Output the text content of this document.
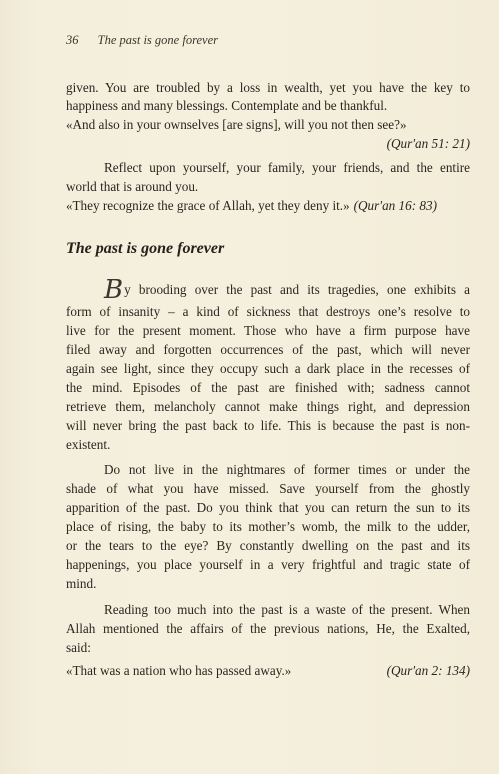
36 The past is gone forever
given. You are troubled by a loss in wealth, yet you have the key to
happiness and many blessings. Contemplate and be thankful.
«And also in your ownselves [are signs], will you not then see?»
(Qur'an 51: 21)
Reflect upon yourself, your family, your friends, and the entire
world that is around you.
«They recognize the grace of Allah, yet they deny it.» (Qur'an 16: 83)
The past is gone forever
By brooding over the past and its tragedies, one exhibits a
form of insanity – a kind of sickness that destroys one’s resolve to
live for the present moment. Those who have a firm purpose have
filed away and forgotten occurrences of the past, which will never
again see light, since they occupy such a dark place in the recesses of
the mind. Episodes of the past are finished with; sadness cannot
retrieve them, melancholy cannot make things right, and depression
will never bring the past back to life. This is because the past is non-
existent.
Do not live in the nightmares of former times or under the
shade of what you have missed. Save yourself from the ghostly
apparition of the past. Do you think that you can return the sun to its
place of rising, the baby to its mother’s womb, the milk to the udder,
or the tears to the eye? By constantly dwelling on the past and its
happenings, you place yourself in a very frightful and tragic state of
mind.
Reading too much into the past is a waste of the present. When
Allah mentioned the affairs of the previous nations, He, the Exalted,
said:
«That was a nation who has passed away.»	(Qur'an 2: 134)
